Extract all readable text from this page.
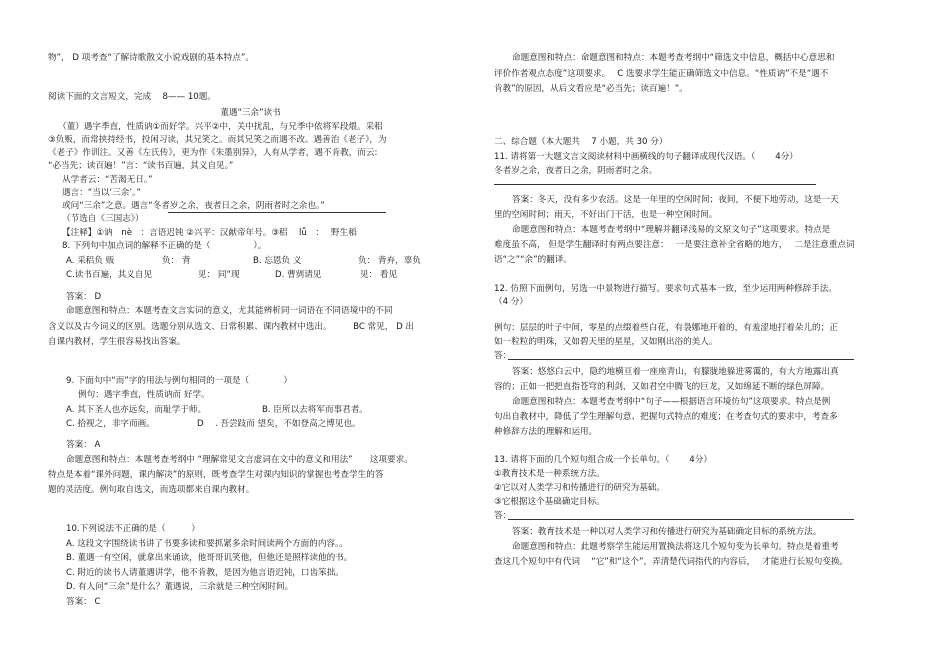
物”， D 项考查“了解诗歌散文小说戏剧的基本特点”。
阅读下面的文言短文，完成　 8—— 10题。
董遇“三余”读书
（董）遇字季直，性质讷①而好学。兴平②中，关中扰乱，与兄季中依将军段煨。采稆
③负贩，而常挟持经书，投闲习读，其兄笑之。而其兄笑之而遇不改。遇善治《老子》，为
《老子》作训注。又善《左氏传》，更为作《朱墨别异》，人有从学者，遇不肯教，而云:
“必当先；读百遍！”言：“读书百遍，其义自见。”
从学者云：“苦渴无日。”
遇言：“当以‘三余’。”
或问“三余”之意。遇言“冬者岁之余，夜者日之余，阴雨者时之余也。”
（节选自《三国志》）
【注释】①讷　nè　：言语迟钝 ②兴平：汉献帝年号。③稆　 lǚ　：　 野生稻
8. 下列句中加点词的解释不正确的是（　　　　　）。
A. 采稆负 贩	负： 背	B. 忘恩负 义	负： 背弃，辜负
C.读书百遍，其义自见	见： 同“现	D. 曹刿请见	见： 看见
答案： D
命题意图和特点：本题考查文言实词的意义，尤其能辨析同一词语在不同语境中的不同
含义以及古今词义的区别。选题分别从选文、日常积累、课内教材中选出。　　　BC 常见， D 出
自课内教材，学生很容易找出答案。
9. 下面句中“而”字的用法与例句相同的一项是（　　　　）
例句：遇字季直，性质讷而 好学。
A. 其下圣人也亦远矣，而耻学于师。	B. 臣所以去将军而事君者。
C. 拾视之，非字而画。	D　 . 吾尝跂而 望矣，不如登高之博见也。
答案： A
命题意图和特点：本题考查考纲中 “理解常见文言虚词在文中的意义和用法”　　这项要求。
特点是本着“课外问题，课内解决”的原则，既考查学生对课内知识的掌握也考查学生的答
题的灵活度。例句取自选文，而选项都来自课内教材。
10.下列说法不正确的是（　　　）
A. 这段文字围绕读书讲了书要多读和要抓紧多余时间读两个方面的内容。。
B. 董遇一有空闲，就拿出来诵读，他哥哥讥笑他，但他还是照样读他的书。
C. 附近的读书人请董遇讲学，他不肯教，是因为他言语迟钝，口齿笨拙。
D. 有人问“三余”是什么？董遇说，三余就是三种空闲时间。
答案： C
命题意图和特点：命题意图和特点：本题考查考纲中“筛选文中信息，概括中心意思和
评价作者观点态度”这项要求。　 C 选要求学生能正确筛选文中信息。“性质讷”不是“遇不
肯教”的原因，从后文看应是“必当先；读百遍！”。
二、综合题（本大题共　 7 小题，共 30 分）
11. 请将第一大题文言文阅读材料中画横线的句子翻译成现代汉语。（　　 4分）
冬者岁之余，夜者日之余，阴雨者时之余。
答案：冬天，没有多少农活。这是一年里的空闲时间；夜间，不便下地劳动，这是一天
里的空闲时间；雨天，不好出门干活，也是一种空闲时间。
命题意图和特点：本题考查考纲中“理解并翻译浅易的文原文句子”这项要求。特点是
难度虽不高， 但是学生翻译时有两点要注意：　 一是要注意补全省略的地方，　 二是注意重点词
语“之”“余”的翻译。
12. 仿照下面例句，另选一中景物进行描写。要求句式基本一致，至少运用两种修辞手法。
（4 分）
例句：层层的叶子中间，零星的点缀着些白花，有袅娜地开着的，有羞涩地打着朵儿的；正
如一粒粒的明珠，又如碧天里的星星，又如刚出浴的美人。
答：
答案：悠悠白云中，隐约地横亘着一座座青山，有朦胧地躲进雾霭的，有大方地露出真
容的；正如一把把直指苍穹的利剑，又如君空中腾飞的巨龙，又如绵延不断的绿色屏障。
命题意图和特点：本题考查考纲中“句子——根据语言环境仿句”这项要求。特点是例
句出自教材中，降低了学生理解句意、把握句式特点的难度；在考查句式的要求中，考查多
种修辞方法的理解和运用。
13. 请将下面的几个短句组合成一个长单句。（　　 4分）
①教育技术是一种系统方法。
②它以对人类学习和传播进行的研究为基础。
③它根据这个基础确定目标。
答：
答案：教育技术是一种以对人类学习和传播进行研究为基础确定目标的系统方法。
命题意图和特点：此题考察学生能运用置换法将这几个短句变为长单句。特点是着重考
查这几个短句中有代词　 “它”和“这个”，弄清楚代词指代的内容后，　 才能进行长短句变换。
